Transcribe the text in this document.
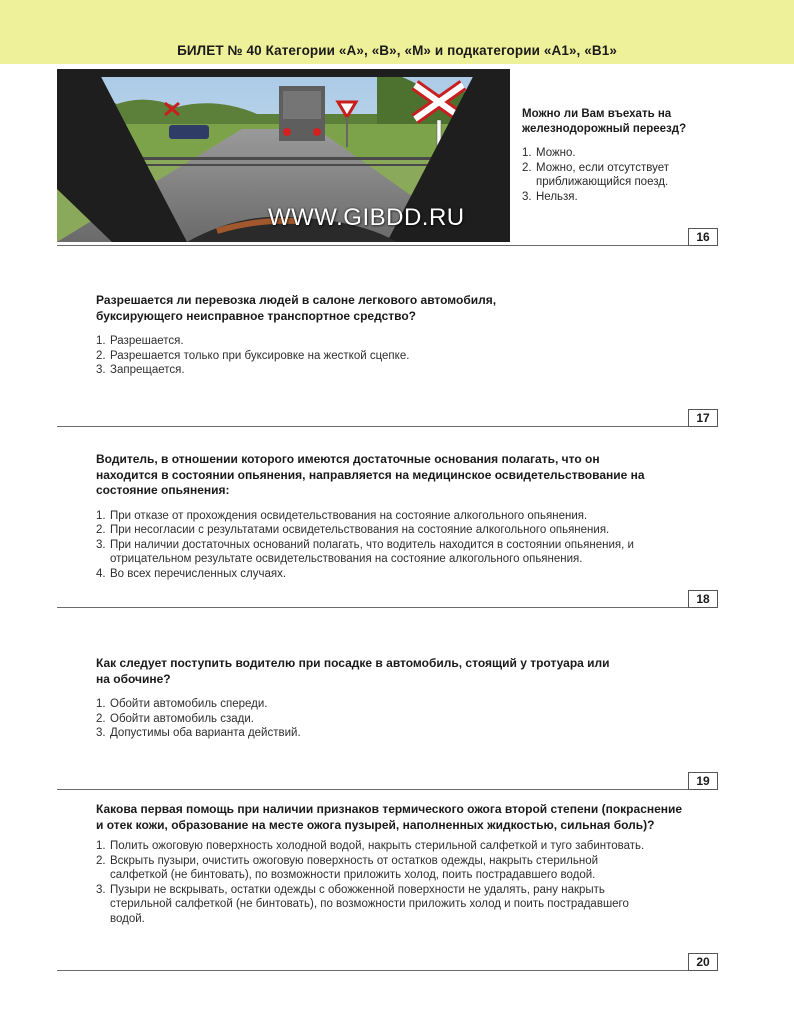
БИЛЕТ № 40 Категории «A», «B», «M» и подкатегории «A1», «B1»
WWW.GIBDD.RU
Можно ли Вам въехать на железнодорожный переезд?
1. Можно.
2. Можно, если отсутствует приближающийся поезд.
3. Нельзя.
16
Разрешается ли перевозка людей в салоне легкового автомобиля, буксирующего неисправное транспортное средство?
1. Разрешается.
2. Разрешается только при буксировке на жесткой сцепке.
3. Запрещается.
17
Водитель, в отношении которого имеются достаточные основания полагать, что он находится в состоянии опьянения, направляется на медицинское освидетельствование на состояние опьянения:
1. При отказе от прохождения освидетельствования на состояние алкогольного опьянения.
2. При несогласии с результатами освидетельствования на состояние алкогольного опьянения.
3. При наличии достаточных оснований полагать, что водитель находится в состоянии опьянения, и отрицательном результате освидетельствования на состояние алкогольного опьянения.
4. Во всех перечисленных случаях.
18
Как следует поступить водителю при посадке в автомобиль, стоящий у тротуара или на обочине?
1. Обойти автомобиль спереди.
2. Обойти автомобиль сзади.
3. Допустимы оба варианта действий.
19
Какова первая помощь при наличии признаков термического ожога второй степени (покраснение и отек кожи, образование на месте ожога пузырей, наполненных жидкостью, сильная боль)?
1. Полить ожоговую поверхность холодной водой, накрыть стерильной салфеткой и туго забинтовать.
2. Вскрыть пузыри, очистить ожоговую поверхность от остатков одежды, накрыть стерильной салфеткой (не бинтовать), по возможности приложить холод, поить пострадавшего водой.
3. Пузыри не вскрывать, остатки одежды с обожженной поверхности не удалять, рану накрыть стерильной салфеткой (не бинтовать), по возможности приложить холод и поить пострадавшего водой.
20
